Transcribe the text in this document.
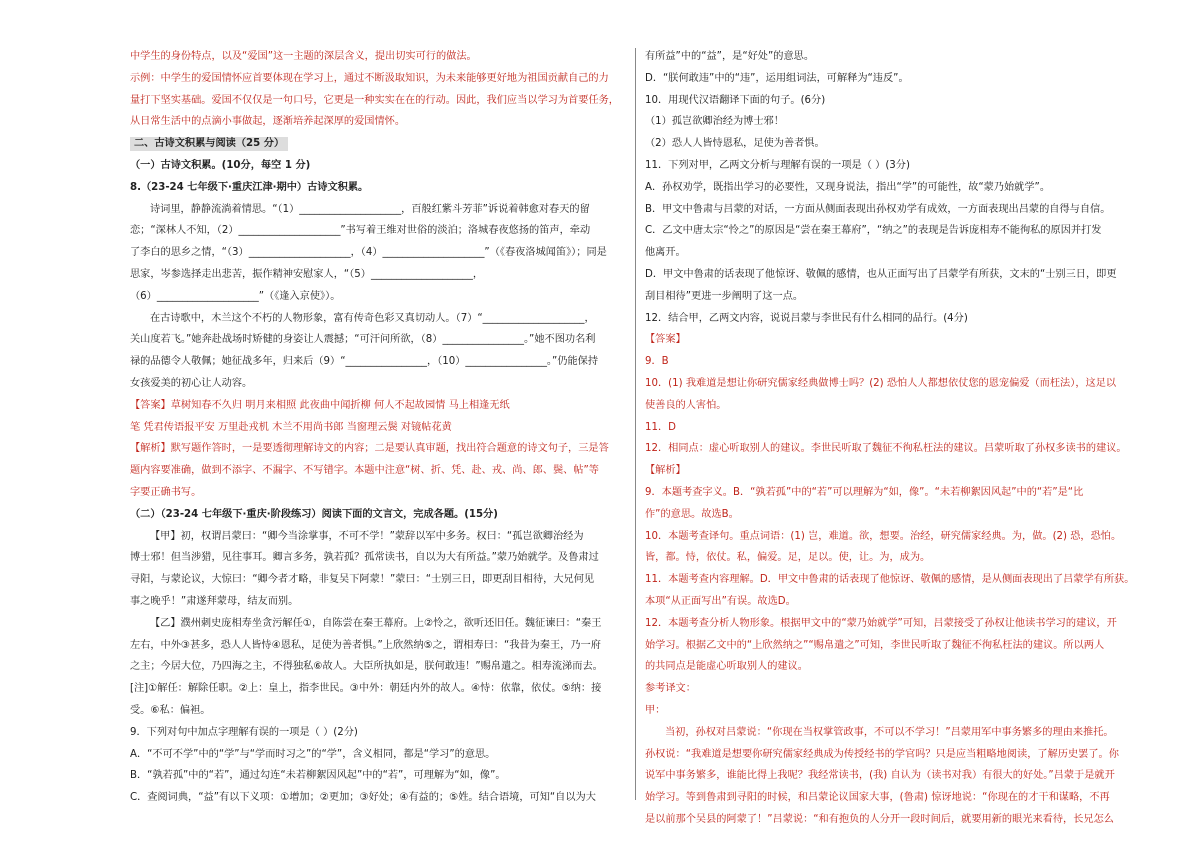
中学生的身份特点，以及“爱国”这一主题的深层含义，提出切实可行的做法。
示例：中学生的爱国情怀应首要体现在学习上，通过不断汲取知识，为未来能够更好地为祖国贡献自己的力
量打下坚实基础。爱国不仅仅是一句口号，它更是一种实实在在的行动。因此，我们应当以学习为首要任务，
从日常生活中的点滴小事做起，逐渐培养起深厚的爱国情怀。
二、古诗文积累与阅读（25 分）
（一）古诗文积累。(10分，每空 1 分)
8.（23-24 七年级下·重庆江津·期中）古诗文积累。
诗词里，静静流淌着情思。“（1）____________________，百般红紫斗芳菲”诉说着韩愈对春天的留
恋；“深林人不知，（2）____________________”书写着王维对世俗的淡泊；洛城春夜悠扬的笛声，牵动
了李白的思乡之情，“（3）____________________，（4）____________________”（《春夜洛城闻笛》）；同是
思家，岑参选择走出悲苦，振作精神安慰家人，“（5）____________________，
（6）____________________”（《逢入京使》）。
在古诗歌中，木兰这个不朽的人物形象，富有传奇色彩又真切动人。（7）“____________________，
关山度若飞。”她奔赴战场时矫健的身姿让人震撼；“可汗问所欲，（8）________________。”她不图功名利
禄的品德令人敬佩；她征战多年，归来后（9）“________________，（10）________________。”仍能保持
女孩爱美的初心让人动容。
【答案】草树知春不久归 明月来相照 此夜曲中闻折柳 何人不起故园情 马上相逢无纸
笔 凭君传语报平安 万里赴戎机 木兰不用尚书郎 当窗理云鬓 对镜帖花黄
【解析】默写题作答时，一是要透彻理解诗文的内容；二是要认真审题，找出符合题意的诗文句子，三是答
题内容要准确，做到不添字、不漏字、不写错字。本题中注意“树、折、凭、赴、戎、尚、郎、鬓、帖”等
字要正确书写。
（二）（23-24 七年级下·重庆·阶段练习）阅读下面的文言文，完成各题。(15分)
【甲】初，权谓吕蒙曰：“卿今当涂掌事，不可不学！”蒙辞以军中多务。权曰：“孤岂欲卿治经为
博士邪！但当涉猎，见往事耳。卿言多务，孰若孤？孤常读书，自以为大有所益。”蒙乃始就学。及鲁肃过
寻阳，与蒙论议，大惊曰：“卿今者才略，非复吴下阿蒙！”蒙曰：“士别三日，即更刮目相待，大兄何见
事之晚乎！”肃遂拜蒙母，结友而别。
【乙】濮州刺史庞相寿坐贪污解任①，自陈尝在秦王幕府。上②怜之，欲听还旧任。魏征谏曰：“秦王
左右，中外③甚多，恐人人皆恃④恩私，足使为善者惧。”上欣然纳⑤之，谓相寿曰：“我昔为秦王，乃一府
之主；今居大位，乃四海之主，不得独私⑥故人。大臣所执如是，朕何敢违！”赐帛遣之。相寿流涕而去。
[注]①解任：解除任职。②上：皇上，指李世民。③中外：朝廷内外的故人。④恃：依靠，依仗。⑤纳：接
受。⑥私：偏袒。
9．下列对句中加点字理解有误的一项是（ ）(2分)
A．“不可不学”中的“学”与“学而时习之”的“学”，含义相同，都是“学习”的意思。
B．“孰若孤”中的“若”，通过勾连“未若柳絮因风起”中的“若”，可理解为“如，像”。
C．查阅词典，“益”有以下义项：①增加；②更加；③好处；④有益的；⑤姓。结合语境，可知“自以为大
有所益”中的“益”，是“好处”的意思。
D．“朕何敢违”中的“违”，运用组词法，可解释为“违反”。
10．用现代汉语翻译下面的句子。(6分)
（1）孤岂欲卿治经为博士邪！
（2）恐人人皆恃恩私，足使为善者惧。
11．下列对甲，乙两文分析与理解有误的一项是（ ）(3分)
A．孙权劝学，既指出学习的必要性，又现身说法，指出“学”的可能性，故“蒙乃始就学”。
B．甲文中鲁肃与吕蒙的对话，一方面从侧面表现出孙权劝学有成效，一方面表现出吕蒙的自得与自信。
C．乙文中唐太宗“怜之”的原因是“尝在秦王幕府”，“纳之”的表现是告诉庞相寿不能徇私的原因并打发
他离开。
D．甲文中鲁肃的话表现了他惊讶、敬佩的感情，也从正面写出了吕蒙学有所获，文末的“士别三日，即更
刮目相待”更进一步阐明了这一点。
12．结合甲，乙两文内容，说说吕蒙与李世民有什么相同的品行。(4分)
【答案】
9．B
10．(1) 我难道是想让你研究儒家经典做博士吗？(2) 恐怕人人都想依仗您的恩宠偏爱（而枉法），这足以
使善良的人害怕。
11．D
12．相同点：虚心听取别人的建议。李世民听取了魏征不徇私枉法的建议。吕蒙听取了孙权多读书的建议。
【解析】
9．本题考查字义。B．“孰若孤”中的“若”可以理解为“如，像”。“未若柳絮因风起”中的“若”是“比
作”的意思。故选B。
10．本题考查译句。重点词语：(1) 岂，难道。欲，想要。治经，研究儒家经典。为，做。(2) 恐，恐怕。
皆，都。恃，依仗。私，偏爱。足，足以。使，让。为，成为。
11．本题考查内容理解。D．甲文中鲁肃的话表现了他惊讶、敬佩的感情，是从侧面表现出了吕蒙学有所获。
本项“从正面写出”有误。故选D。
12．本题考查分析人物形象。根据甲文中的“蒙乃始就学”可知，吕蒙接受了孙权让他读书学习的建议，开
始学习。根据乙文中的“上欣然纳之”“赐帛遣之”可知，李世民听取了魏征不徇私枉法的建议。所以两人
的共同点是能虚心听取别人的建议。
参考译文：
甲：
当初，孙权对吕蒙说：“你现在当权掌管政事，不可以不学习！”吕蒙用军中事务繁多的理由来推托。
孙权说：“我难道是想要你研究儒家经典成为传授经书的学官吗？只是应当粗略地阅读，了解历史罢了。你
说军中事务繁多，谁能比得上我呢？我经常读书，(我) 自认为（读书对我）有很大的好处。”吕蒙于是就开
始学习。等到鲁肃到寻阳的时候，和吕蒙论议国家大事，(鲁肃) 惊讶地说：“你现在的才干和谋略，不再
是以前那个吴县的阿蒙了！”吕蒙说：“和有抱负的人分开一段时间后，就要用新的眼光来看待，长兄怎么
